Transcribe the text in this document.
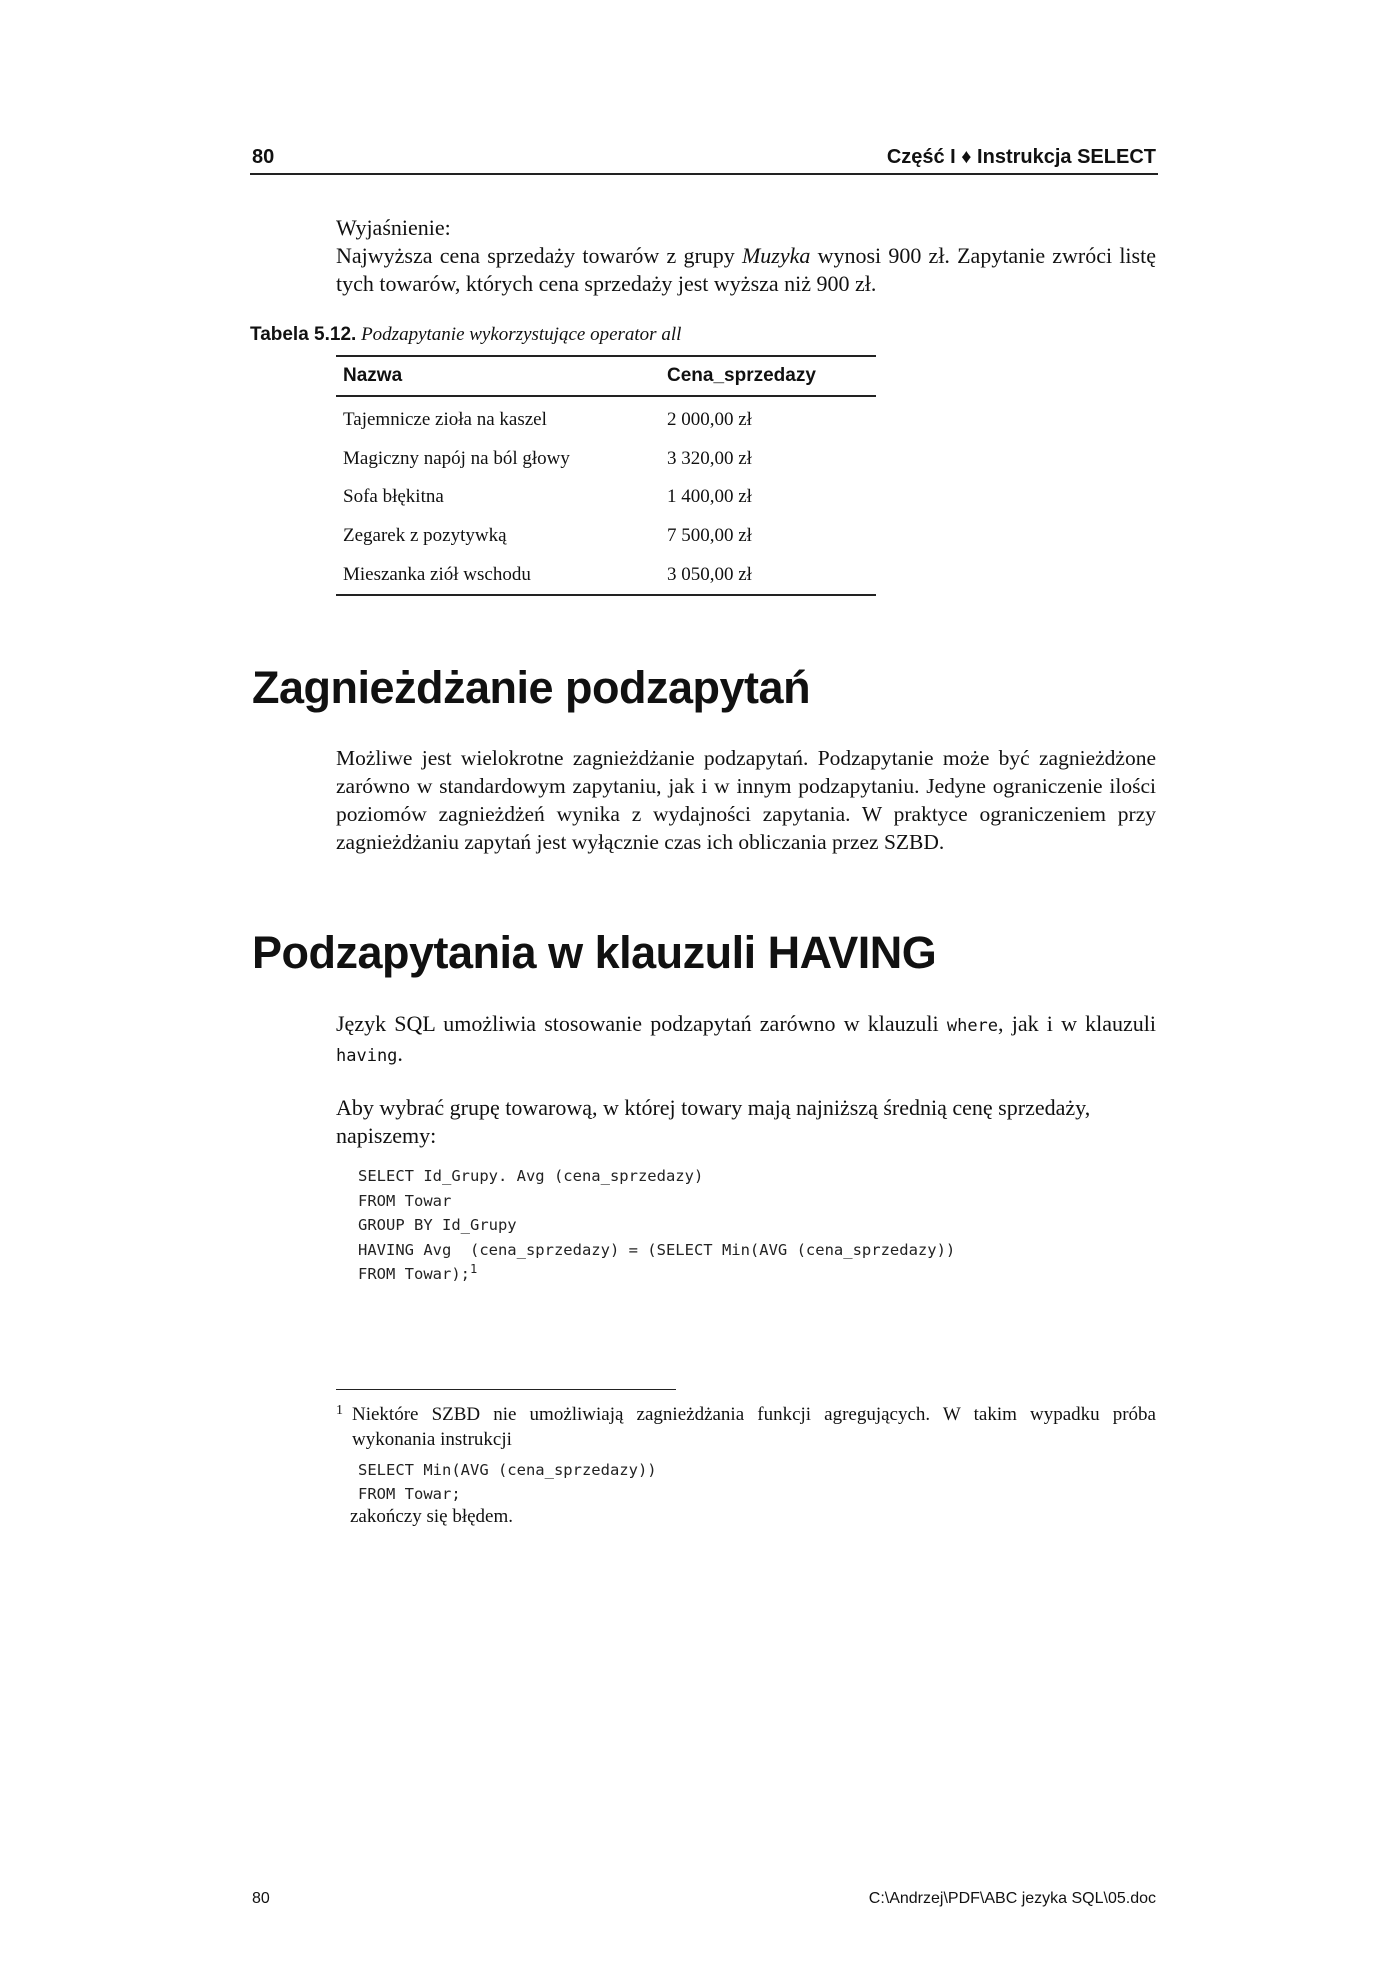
80	Część I ♦ Instrukcja SELECT

Wyjaśnienie:

Najwyższa cena sprzedaży towarów z grupy Muzyka wynosi 900 zł. Zapytanie zwróci listę tych towarów, których cena sprzedaży jest wyższa niż 900 zł.

Tabela 5.12. Podzapytanie wykorzystujące operator all
Nazwa	Cena_sprzedazy
Tajemnicze zioła na kaszel	2 000,00 zł
Magiczny napój na ból głowy	3 320,00 zł
Sofa błękitna	1 400,00 zł
Zegarek z pozytywką	7 500,00 zł
Mieszanka ziół wschodu	3 050,00 zł
Zagnieżdżanie podzapytań
Możliwe jest wielokrotne zagnieżdżanie podzapytań. Podzapytanie może być zagnieżdżone zarówno w standardowym zapytaniu, jak i w innym podzapytaniu. Jedyne ograniczenie ilości poziomów zagnieżdżeń wynika z wydajności zapytania. W praktyce ograniczeniem przy zagnieżdżaniu zapytań jest wyłącznie czas ich obliczania przez SZBD.
Podzapytania w klauzuli HAVING
Język SQL umożliwia stosowanie podzapytań zarówno w klauzuli where, jak i w klauzuli having.
Aby wybrać grupę towarową, w której towary mają najniższą średnią cenę sprzedaży, napiszemy:
SELECT Id_Grupy. Avg (cena_sprzedazy)
FROM Towar
GROUP BY Id_Grupy
HAVING Avg  (cena_sprzedazy) = (SELECT Min(AVG (cena_sprzedazy))
FROM Towar);$^1$
1 Niektóre SZBD nie umożliwiają zagnieżdżania funkcji agregujących. W takim wypadku próba wykonania instrukcji
SELECT Min(AVG (cena_sprzedazy))
FROM Towar;
zakończy się błędem.
80	C:\Andrzej\PDF\ABC jezyka SQL\05.doc
